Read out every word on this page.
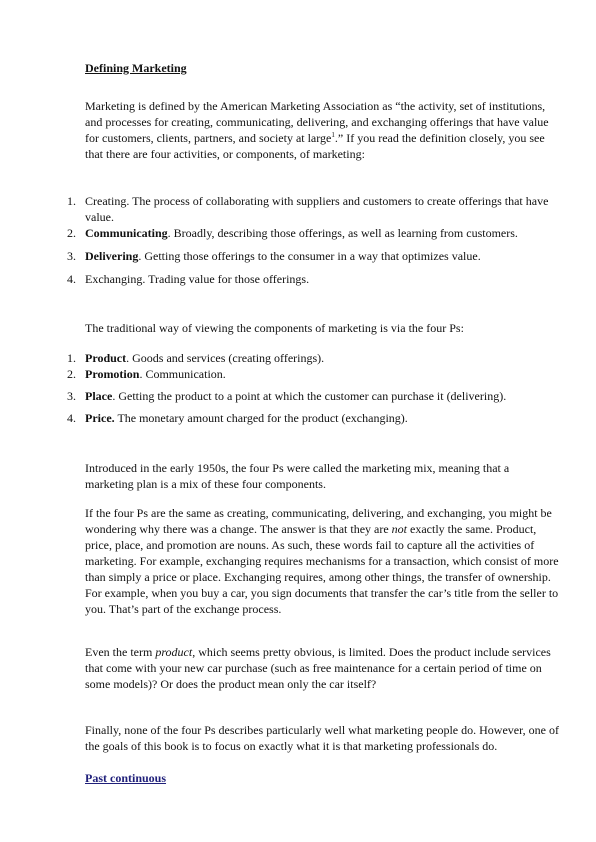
Defining Marketing
Marketing is defined by the American Marketing Association as “the activity, set of institutions, and processes for creating, communicating, delivering, and exchanging offerings that have value for customers, clients, partners, and society at large$^1$.” If you read the definition closely, you see that there are four activities, or components, of marketing:
1. Creating. The process of collaborating with suppliers and customers to create offerings that have value.
2. Communicating. Broadly, describing those offerings, as well as learning from customers.
3. Delivering. Getting those offerings to the consumer in a way that optimizes value.
4. Exchanging. Trading value for those offerings.
The traditional way of viewing the components of marketing is via the four Ps:
1. Product. Goods and services (creating offerings).
2. Promotion. Communication.
3. Place. Getting the product to a point at which the customer can purchase it (delivering).
4. Price. The monetary amount charged for the product (exchanging).
Introduced in the early 1950s, the four Ps were called the marketing mix, meaning that a marketing plan is a mix of these four components.
If the four Ps are the same as creating, communicating, delivering, and exchanging, you might be wondering why there was a change. The answer is that they are not exactly the same. Product, price, place, and promotion are nouns. As such, these words fail to capture all the activities of marketing. For example, exchanging requires mechanisms for a transaction, which consist of more than simply a price or place. Exchanging requires, among other things, the transfer of ownership. For example, when you buy a car, you sign documents that transfer the car’s title from the seller to you. That’s part of the exchange process.
Even the term product, which seems pretty obvious, is limited. Does the product include services that come with your new car purchase (such as free maintenance for a certain period of time on some models)? Or does the product mean only the car itself?
Finally, none of the four Ps describes particularly well what marketing people do. However, one of the goals of this book is to focus on exactly what it is that marketing professionals do.
Past continuous
